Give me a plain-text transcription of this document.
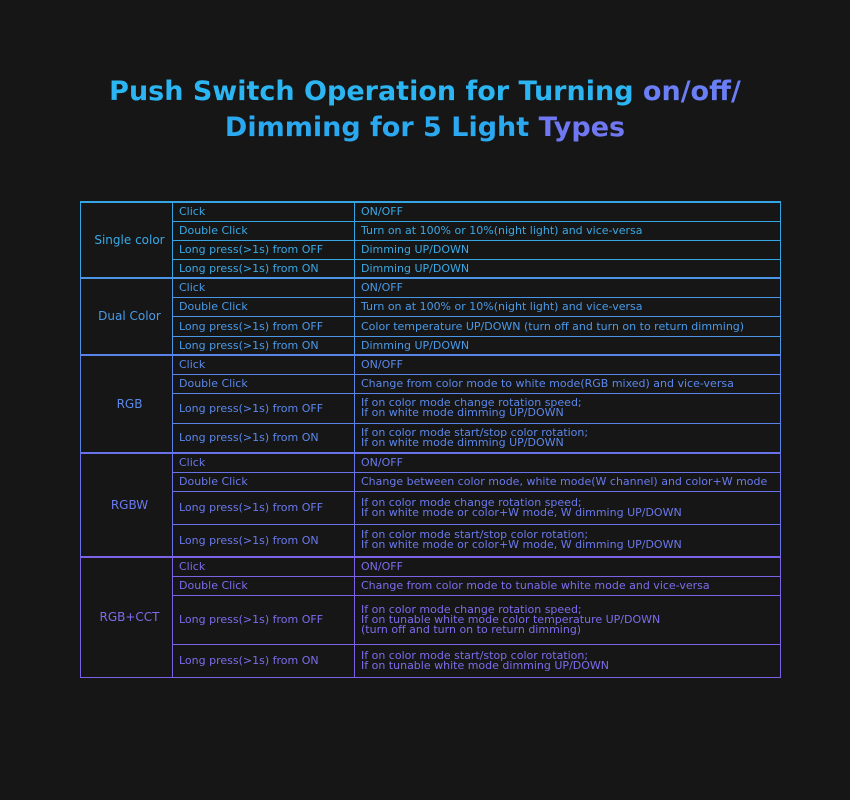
Push Switch Operation for Turning on/off/
Dimming for 5 Light Types
Single color	Click	ON/OFF
	Double Click	Turn on at 100% or 10%(night light) and vice-versa
	Long press(>1s) from OFF	Dimming UP/DOWN
	Long press(>1s) from ON	Dimming UP/DOWN
Dual Color	Click	ON/OFF
	Double Click	Turn on at 100% or 10%(night light) and vice-versa
	Long press(>1s) from OFF	Color temperature UP/DOWN (turn off and turn on to return dimming)
	Long press(>1s) from ON	Dimming UP/DOWN
RGB	Click	ON/OFF
	Double Click	Change from color mode to white mode(RGB mixed) and vice-versa
	Long press(>1s) from OFF	If on color mode change rotation speed;
If on white mode dimming UP/DOWN

	Long press(>1s) from ON	If on color mode start/stop color rotation;
If on white mode dimming UP/DOWN

RGBW	Click	ON/OFF
	Double Click	Change between color mode, white mode(W channel) and color+W mode
	Long press(>1s) from OFF	If on color mode change rotation speed;
If on white mode or color+W mode, W dimming UP/DOWN

	Long press(>1s) from ON	If on color mode start/stop color rotation;
If on white mode or color+W mode, W dimming UP/DOWN

RGB+CCT	Click	ON/OFF
	Double Click	Change from color mode to tunable white mode and vice-versa
	Long press(>1s) from OFF	If on color mode change rotation speed;
If on tunable white mode color temperature UP/DOWN
(turn off and turn on to return dimming)

	Long press(>1s) from ON	If on color mode start/stop color rotation;
If on tunable white mode dimming UP/DOWN
